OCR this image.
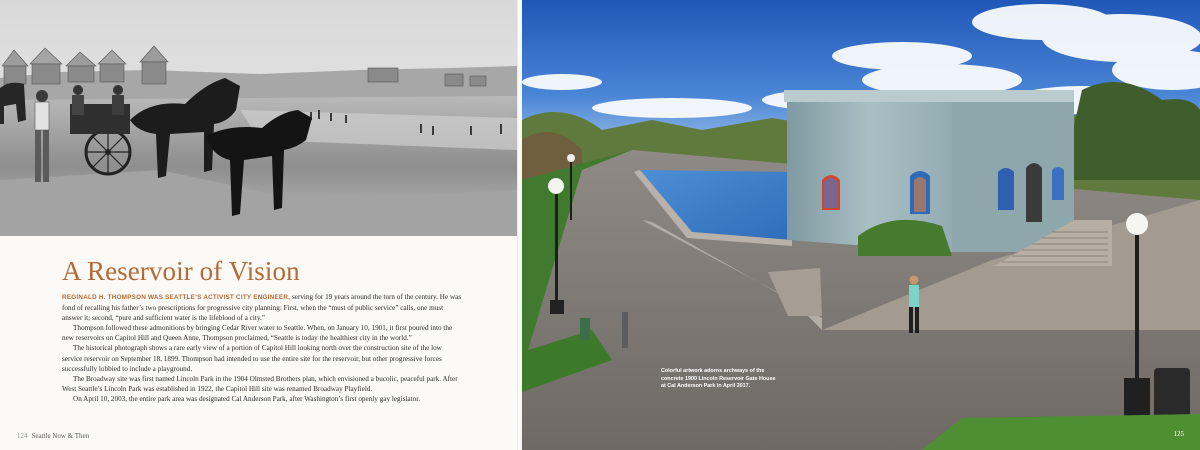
A Reservoir of Vision

REGINALD H. THOMPSON WAS SEATTLE’S ACTIVIST CITY ENGINEER, serving for 19 years around the turn of the century. He was fond of recalling his father’s two prescriptions for progressive city planning: First, when the “must of public service” calls, one must answer it; second, “pure and sufficient water is the lifeblood of a city.”

Thompson followed these admonitions by bringing Cedar River water to Seattle. When, on January 10, 1901, it first poured into the new reservoirs on Capitol Hill and Queen Anne, Thompson proclaimed, “Seattle is today the healthiest city in the world.”

The historical photograph shows a rare early view of a portion of Capitol Hill looking north over the construction site of the low service reservoir on September 18, 1899. Thompson had intended to use the entire site for the reservoir, but other progressive forces successfully lobbied to include a playground.

The Broadway site was first named Lincoln Park in the 1904 Olmsted Brothers plan, which envisioned a bucolic, peaceful park. After West Seattle’s Lincoln Park was established in 1922, the Capitol Hill site was renamed Broadway Playfield.

On April 10, 2003, the entire park area was designated Cal Anderson Park, after Washington’s first openly gay legislator.

124 Seattle Now & Then
Colorful artwork adorns archways of the concrete 1900 Lincoln Reservoir Gate House at Cal Anderson Park in April 2017.
125
